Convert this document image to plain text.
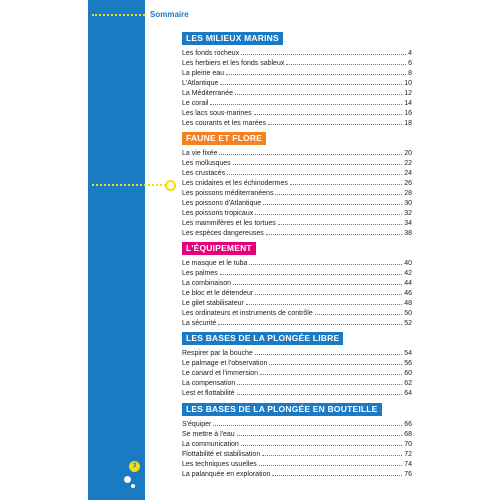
Sommaire
LES MILIEUX MARINS
Les fonds rocheux	4
Les herbiers et les fonds sableux	6
La pleine eau	8
L'Atlantique	10
La Méditerranée	12
Le corail	14
Les lacs sous-marines	16
Les courants et les marées	18
FAUNE ET FLORE
La vie fixée	20
Les mollusques	22
Les crustacés	24
Les cnidaires et les échinodermes	26
Les poissons méditerranéens	28
Les poissons d'Atlantique	30
Les poissons tropicaux	32
Les mammifères et les tortues	34
Les espèces dangereuses	38
L'ÉQUIPEMENT
Le masque et le tuba	40
Les palmes	42
La combinaison	44
Le bloc et le détendeur	46
Le gilet stabilisateur	48
Les ordinateurs et instruments de contrôle	50
La sécurité	52
LES BASES DE LA PLONGÉE LIBRE
Respirer par la bouche	54
Le palmage et l'observation	56
Le canard et l'immersion	60
La compensation	62
Lest et flottabilité	64
LES BASES DE LA PLONGÉE EN BOUTEILLE
S'équiper	66
Se mettre à l'eau	68
La communication	70
Flottabilité et stabilisation	72
Les techniques usuelles	74
La palanquée en exploration	76
3
